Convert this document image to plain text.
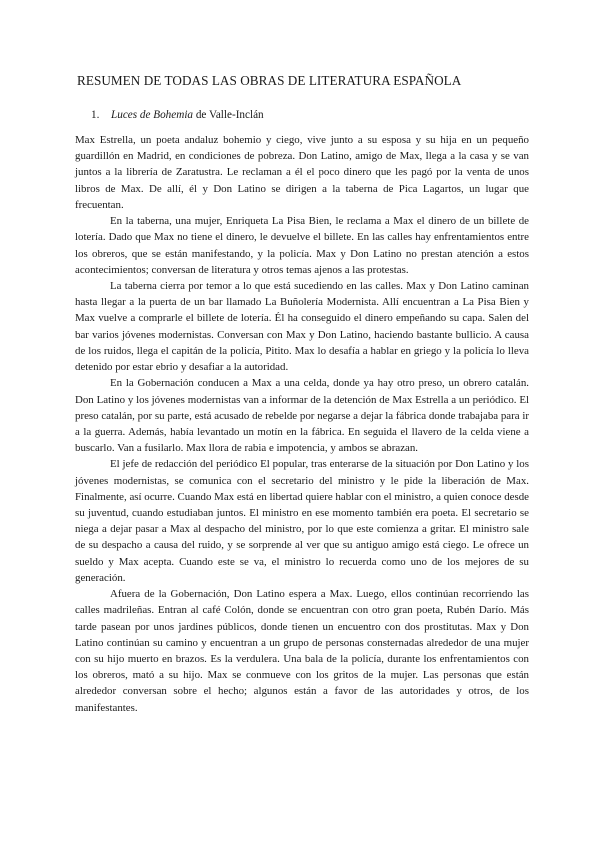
RESUMEN DE TODAS LAS OBRAS DE LITERATURA ESPAÑOLA
1. Luces de Bohemia de Valle-Inclán

Max Estrella, un poeta andaluz bohemio y ciego, vive junto a su esposa y su hija en un pequeño guardillón en Madrid, en condiciones de pobreza. Don Latino, amigo de Max, llega a la casa y se van juntos a la librería de Zaratustra. Le reclaman a él el poco dinero que les pagó por la venta de unos libros de Max. De allí, él y Don Latino se dirigen a la taberna de Pica Lagartos, un lugar que frecuentan.

En la taberna, una mujer, Enriqueta La Pisa Bien, le reclama a Max el dinero de un billete de lotería. Dado que Max no tiene el dinero, le devuelve el billete. En las calles hay enfrentamientos entre los obreros, que se están manifestando, y la policía. Max y Don Latino no prestan atención a estos acontecimientos; conversan de literatura y otros temas ajenos a las protestas.

La taberna cierra por temor a lo que está sucediendo en las calles. Max y Don Latino caminan hasta llegar a la puerta de un bar llamado La Buñolería Modernista. Allí encuentran a La Pisa Bien y Max vuelve a comprarle el billete de lotería. Él ha conseguido el dinero empeñando su capa. Salen del bar varios jóvenes modernistas. Conversan con Max y Don Latino, haciendo bastante bullicio. A causa de los ruidos, llega el capitán de la policía, Pitito. Max lo desafía a hablar en griego y la policía lo lleva detenido por estar ebrio y desafiar a la autoridad.

En la Gobernación conducen a Max a una celda, donde ya hay otro preso, un obrero catalán. Don Latino y los jóvenes modernistas van a informar de la detención de Max Estrella a un periódico. El preso catalán, por su parte, está acusado de rebelde por negarse a dejar la fábrica donde trabajaba para ir a la guerra. Además, había levantado un motín en la fábrica. En seguida el llavero de la celda viene a buscarlo. Van a fusilarlo. Max llora de rabia e impotencia, y ambos se abrazan.

El jefe de redacción del periódico El popular, tras enterarse de la situación por Don Latino y los jóvenes modernistas, se comunica con el secretario del ministro y le pide la liberación de Max. Finalmente, así ocurre. Cuando Max está en libertad quiere hablar con el ministro, a quien conoce desde su juventud, cuando estudiaban juntos. El ministro en ese momento también era poeta. El secretario se niega a dejar pasar a Max al despacho del ministro, por lo que este comienza a gritar. El ministro sale de su despacho a causa del ruido, y se sorprende al ver que su antiguo amigo está ciego. Le ofrece un sueldo y Max acepta. Cuando este se va, el ministro lo recuerda como uno de los mejores de su generación.

Afuera de la Gobernación, Don Latino espera a Max. Luego, ellos continúan recorriendo las calles madrileñas. Entran al café Colón, donde se encuentran con otro gran poeta, Rubén Darío. Más tarde pasean por unos jardines públicos, donde tienen un encuentro con dos prostitutas. Max y Don Latino continúan su camino y encuentran a un grupo de personas consternadas alrededor de una mujer con su hijo muerto en brazos. Es la verdulera. Una bala de la policía, durante los enfrentamientos con los obreros, mató a su hijo. Max se conmueve con los gritos de la mujer. Las personas que están alrededor conversan sobre el hecho; algunos están a favor de las autoridades y otros, de los manifestantes.
